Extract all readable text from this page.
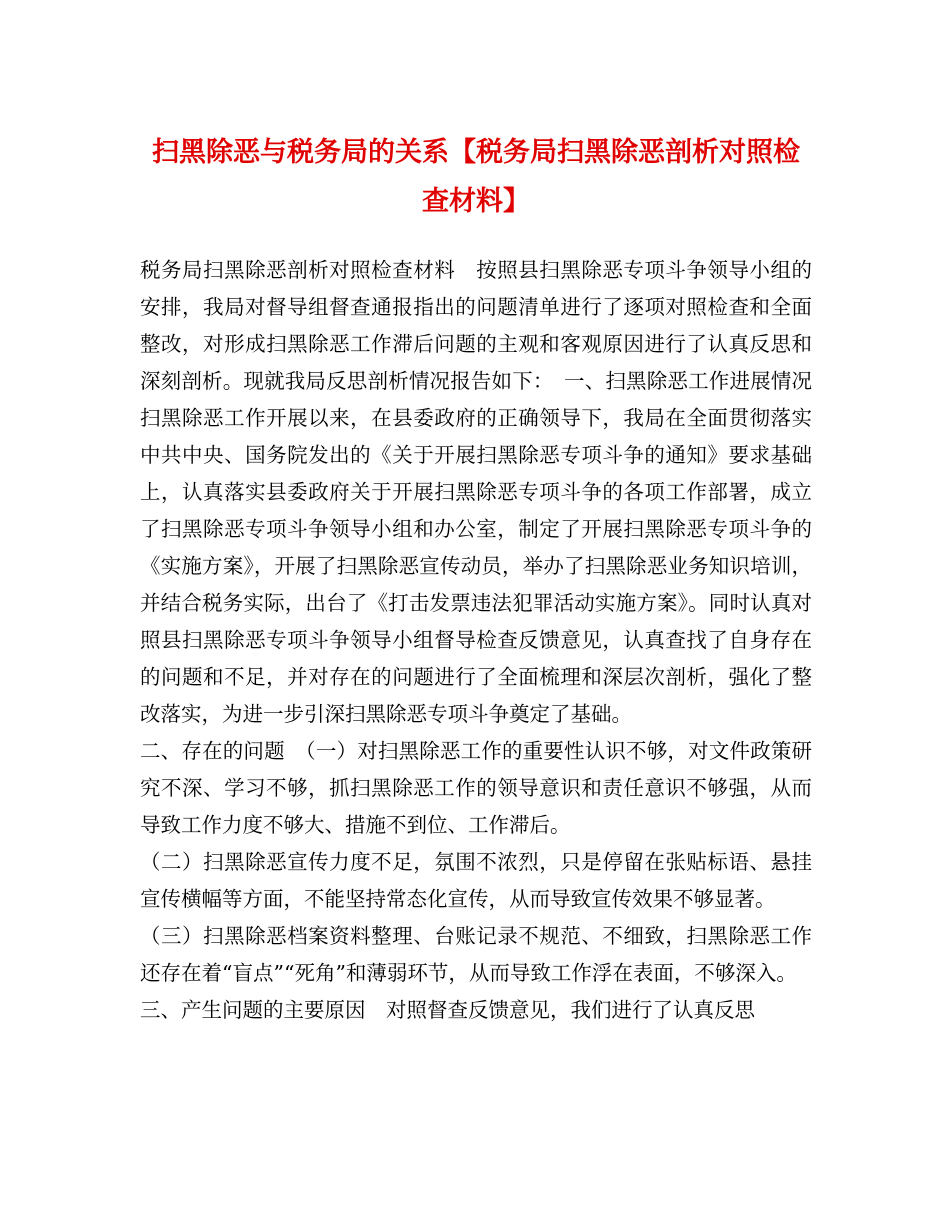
扫黑除恶与税务局的关系【税务局扫黑除恶剖析对照检查材料】

税务局扫黑除恶剖析对照检查材料　按照县扫黑除恶专项斗争领导小组的安排，我局对督导组督查通报指出的问题清单进行了逐项对照检查和全面整改，对形成扫黑除恶工作滞后问题的主观和客观原因进行了认真反思和深刻剖析。现就我局反思剖析情况报告如下：　一、扫黑除恶工作进展情况　扫黑除恶工作开展以来，在县委政府的正确领导下，我局在全面贯彻落实中共中央、国务院发出的《关于开展扫黑除恶专项斗争的通知》要求基础上，认真落实县委政府关于开展扫黑除恶专项斗争的各项工作部署，成立了扫黑除恶专项斗争领导小组和办公室，制定了开展扫黑除恶专项斗争的《实施方案》，开展了扫黑除恶宣传动员，举办了扫黑除恶业务知识培训，并结合税务实际，出台了《打击发票违法犯罪活动实施方案》。同时认真对照县扫黑除恶专项斗争领导小组督导检查反馈意见，认真查找了自身存在的问题和不足，并对存在的问题进行了全面梳理和深层次剖析，强化了整改落实，为进一步引深扫黑除恶专项斗争奠定了基础。

二、存在的问题　（一）对扫黑除恶工作的重要性认识不够，对文件政策研究不深、学习不够，抓扫黑除恶工作的领导意识和责任意识不够强，从而导致工作力度不够大、措施不到位、工作滞后。

（二）扫黑除恶宣传力度不足，氛围不浓烈，只是停留在张贴标语、悬挂宣传横幅等方面，不能坚持常态化宣传，从而导致宣传效果不够显著。

（三）扫黑除恶档案资料整理、台账记录不规范、不细致，扫黑除恶工作还存在着“盲点”“死角”和薄弱环节，从而导致工作浮在表面，不够深入。

三、产生问题的主要原因　对照督查反馈意见，我们进行了认真反思
